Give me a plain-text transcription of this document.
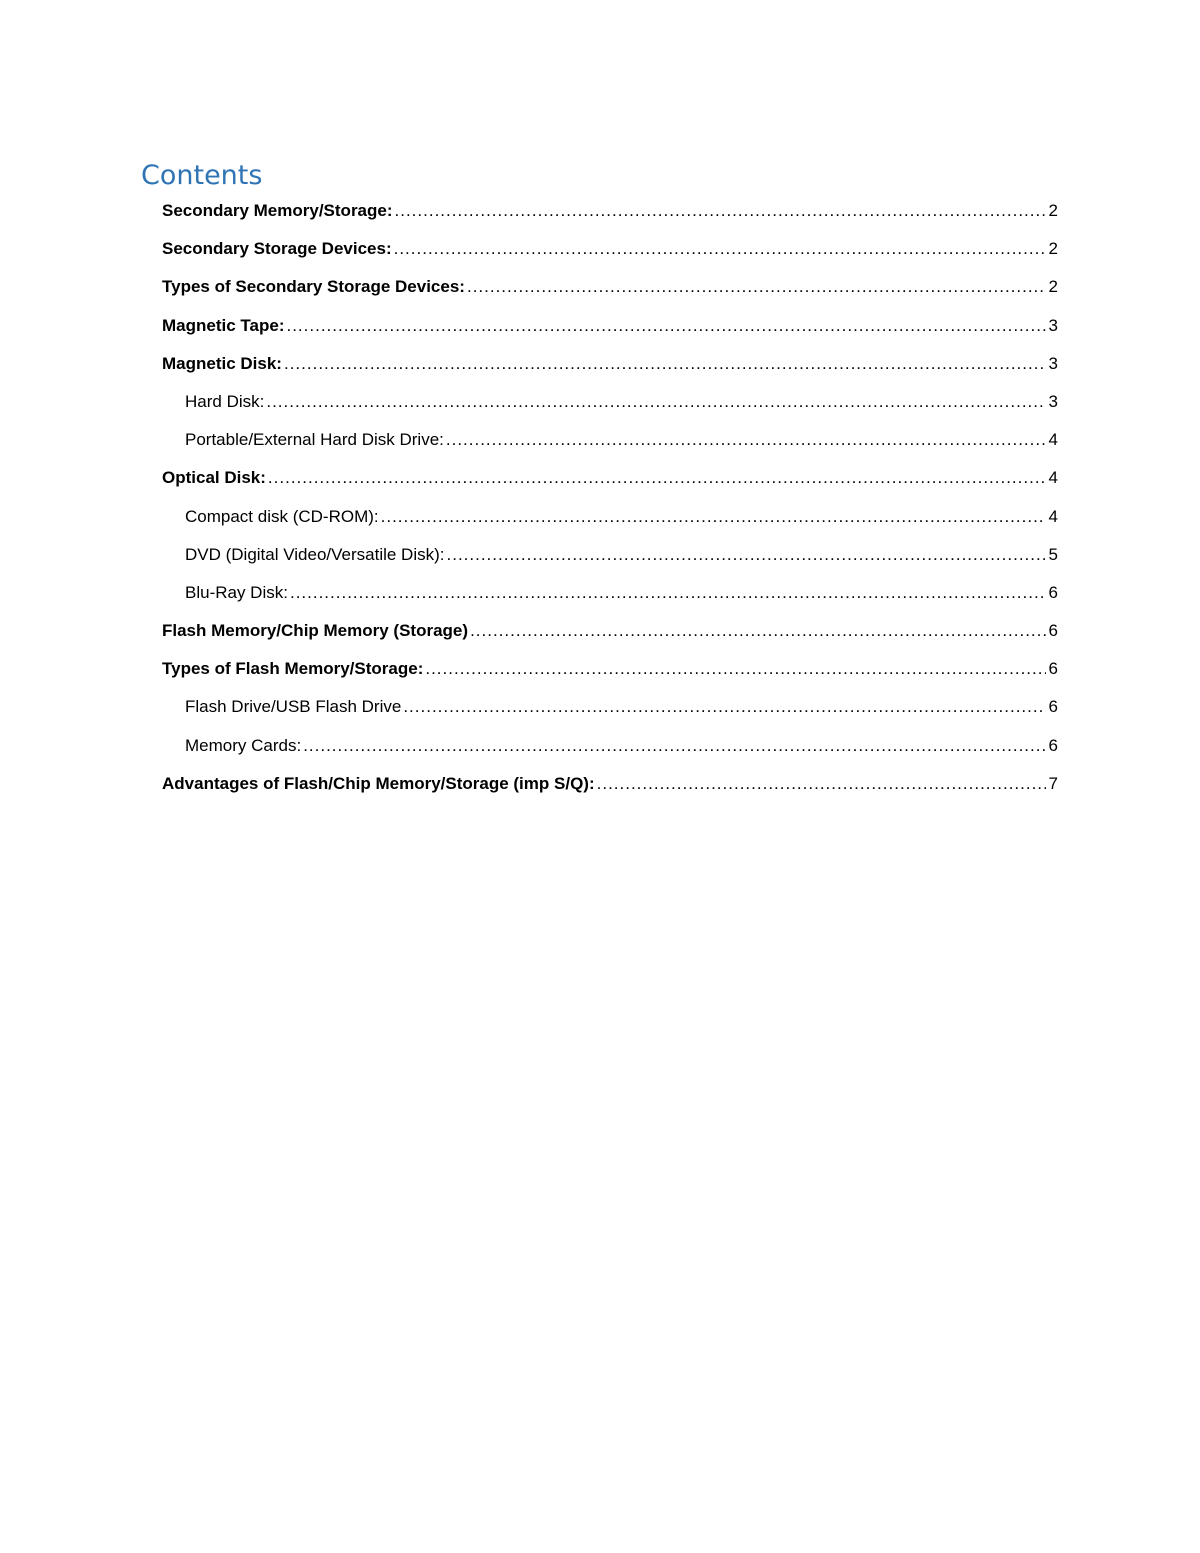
Contents
Secondary Memory/Storage: .....	2
Secondary Storage Devices: .....	2
Types of Secondary Storage Devices: .....	2
Magnetic Tape: .....	3
Magnetic Disk: .....	3
Hard Disk: .....	3
Portable/External Hard Disk Drive: .....	4
Optical Disk: .....	4
Compact disk (CD-ROM): .....	4
DVD (Digital Video/Versatile Disk): .....	5
Blu-Ray Disk: .....	6
Flash Memory/Chip Memory (Storage) .....	6
Types of Flash Memory/Storage: .....	6
Flash Drive/USB Flash Drive .....	6
Memory Cards: .....	6
Advantages of Flash/Chip Memory/Storage (imp S/Q): .....	7
